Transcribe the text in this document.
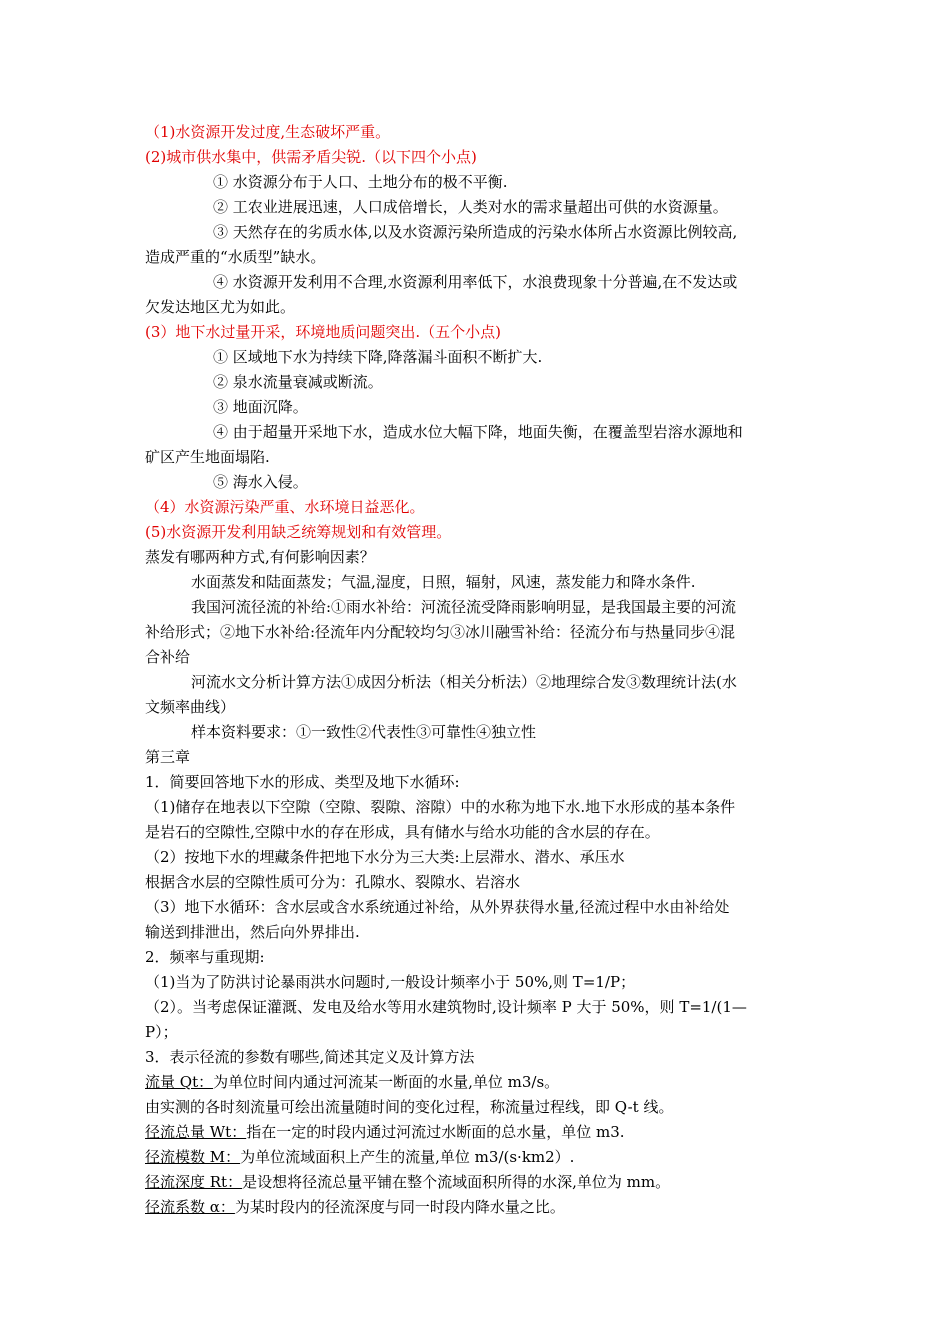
（1)水资源开发过度,生态破坏严重。
(2)城市供水集中，供需矛盾尖锐.（以下四个小点)
① 水资源分布于人口、土地分布的极不平衡.
② 工农业进展迅速，人口成倍增长，人类对水的需求量超出可供的水资源量。
③ 天然存在的劣质水体,以及水资源污染所造成的污染水体所占水资源比例较高,
造成严重的“水质型”缺水。
④ 水资源开发利用不合理,水资源利用率低下，水浪费现象十分普遍,在不发达或
欠发达地区尤为如此。
(3）地下水过量开采，环境地质问题突出.（五个小点)
① 区域地下水为持续下降,降落漏斗面积不断扩大.
② 泉水流量衰减或断流。
③ 地面沉降。
④ 由于超量开采地下水，造成水位大幅下降，地面失衡，在覆盖型岩溶水源地和
矿区产生地面塌陷.
⑤ 海水入侵。
（4）水资源污染严重、水环境日益恶化。
(5)水资源开发利用缺乏统筹规划和有效管理。
蒸发有哪两种方式,有何影响因素？
水面蒸发和陆面蒸发；气温,湿度，日照，辐射，风速，蒸发能力和降水条件.
我国河流径流的补给:①雨水补给：河流径流受降雨影响明显，是我国最主要的河流
补给形式；②地下水补给:径流年内分配较均匀③冰川融雪补给：径流分布与热量同步④混
合补给
河流水文分析计算方法①成因分析法（相关分析法）②地理综合发③数理统计法(水
文频率曲线）
样本资料要求：①一致性②代表性③可靠性④独立性
第三章
1．简要回答地下水的形成、类型及地下水循环:
（1)储存在地表以下空隙（空隙、裂隙、溶隙）中的水称为地下水.地下水形成的基本条件
是岩石的空隙性,空隙中水的存在形成，具有储水与给水功能的含水层的存在。
（2）按地下水的埋藏条件把地下水分为三大类:上层滞水、潜水、承压水
根据含水层的空隙性质可分为：孔隙水、裂隙水、岩溶水
（3）地下水循环：含水层或含水系统通过补给，从外界获得水量,径流过程中水由补给处
输送到排泄出，然后向外界排出.
2．频率与重现期:
（1)当为了防洪讨论暴雨洪水问题时,一般设计频率小于 50%,则 T=1/P；
（2）。当考虑保证灌溉、发电及给水等用水建筑物时,设计频率 P 大于 50%，则 T=1/(1—
P）；
3．表示径流的参数有哪些,简述其定义及计算方法
流量 Qt：为单位时间内通过河流某一断面的水量,单位 m3/s。
由实测的各时刻流量可绘出流量随时间的变化过程，称流量过程线，即 Q-t 线。
径流总量 Wt：指在一定的时段内通过河流过水断面的总水量，单位 m3.
径流模数 M：为单位流域面积上产生的流量,单位 m3/(s·km2）.
径流深度 Rt：是设想将径流总量平铺在整个流域面积所得的水深,单位为 mm。
径流系数 α：为某时段内的径流深度与同一时段内降水量之比。
